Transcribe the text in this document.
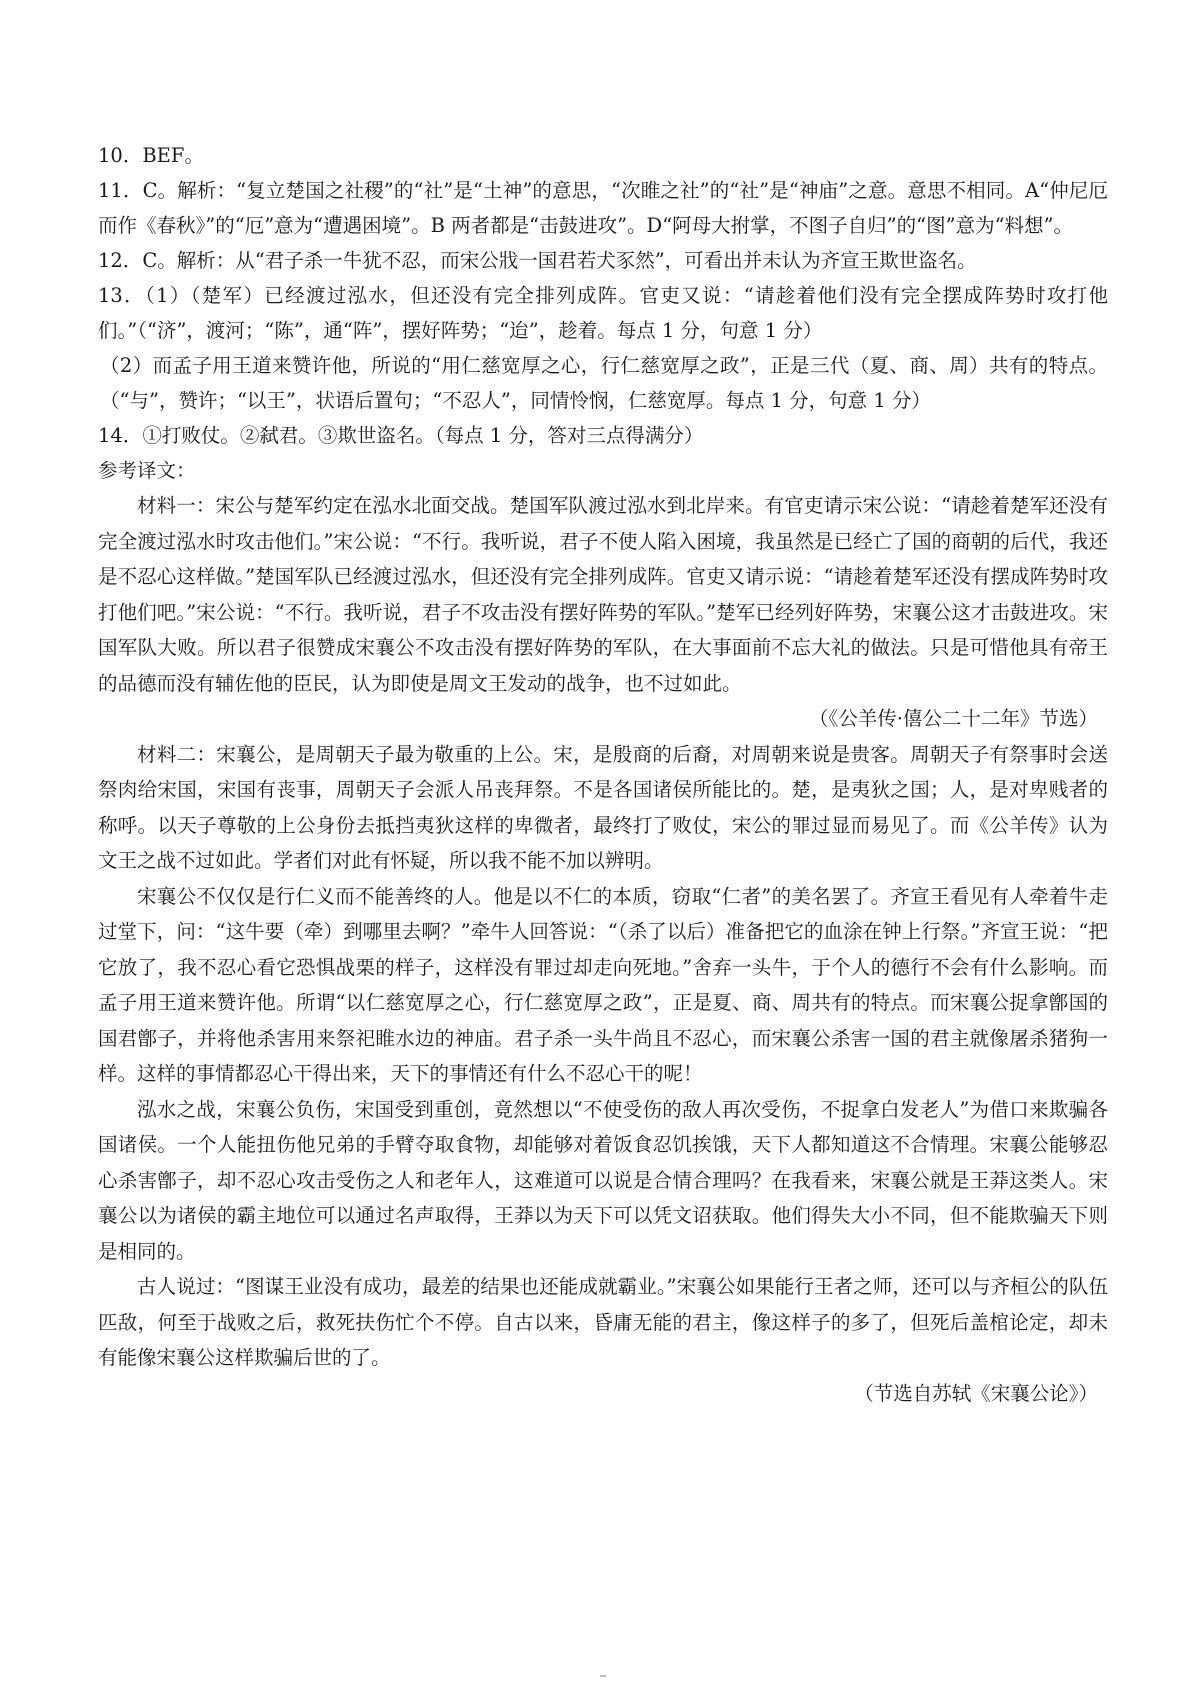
10．BEF。

11．C。解析：“复立楚国之社稷”的“社”是“土神”的意思，“次睢之社”的“社”是“神庙”之意。意思不相同。A“仲尼厄而作《春秋》”的“厄”意为“遭遇困境”。B 两者都是“击鼓进攻”。D“阿母大拊掌，不图子自归”的“图”意为“料想”。

12．C。解析：从“君子杀一牛犹不忍，而宋公戕一国君若犬豕然”，可看出并未认为齐宣王欺世盗名。

13．（1）（楚军）已经渡过泓水，但还没有完全排列成阵。官吏又说：“请趁着他们没有完全摆成阵势时攻打他们。”（“济”，渡河；“陈”，通“阵”，摆好阵势；“迨”，趁着。每点 1 分，句意 1 分）

（2）而孟子用王道来赞许他，所说的“用仁慈宽厚之心，行仁慈宽厚之政”，正是三代（夏、商、周）共有的特点。（“与”，赞许；“以王”，状语后置句；“不忍人”，同情怜悯，仁慈宽厚。每点 1 分，句意 1 分）

14．①打败仗。②弑君。③欺世盗名。（每点 1 分，答对三点得满分）

参考译文：

材料一：宋公与楚军约定在泓水北面交战。楚国军队渡过泓水到北岸来。有官吏请示宋公说：“请趁着楚军还没有完全渡过泓水时攻击他们。”宋公说：“不行。我听说，君子不使人陷入困境，我虽然是已经亡了国的商朝的后代，我还是不忍心这样做。”楚国军队已经渡过泓水，但还没有完全排列成阵。官吏又请示说：“请趁着楚军还没有摆成阵势时攻打他们吧。”宋公说：“不行。我听说，君子不攻击没有摆好阵势的军队。”楚军已经列好阵势，宋襄公这才击鼓进攻。宋国军队大败。所以君子很赞成宋襄公不攻击没有摆好阵势的军队，在大事面前不忘大礼的做法。只是可惜他具有帝王的品德而没有辅佐他的臣民，认为即使是周文王发动的战争，也不过如此。

（《公羊传·僖公二十二年》节选）

材料二：宋襄公，是周朝天子最为敬重的上公。宋，是殷商的后裔，对周朝来说是贵客。周朝天子有祭事时会送祭肉给宋国，宋国有丧事，周朝天子会派人吊丧拜祭。不是各国诸侯所能比的。楚，是夷狄之国；人，是对卑贱者的称呼。以天子尊敬的上公身份去抵挡夷狄这样的卑微者，最终打了败仗，宋公的罪过显而易见了。而《公羊传》认为文王之战不过如此。学者们对此有怀疑，所以我不能不加以辨明。

宋襄公不仅仅是行仁义而不能善终的人。他是以不仁的本质，窃取“仁者”的美名罢了。齐宣王看见有人牵着牛走过堂下，问：“这牛要（牵）到哪里去啊？”牵牛人回答说：“（杀了以后）准备把它的血涂在钟上行祭。”齐宣王说：“把它放了，我不忍心看它恐惧战栗的样子，这样没有罪过却走向死地。”舍弃一头牛，于个人的德行不会有什么影响。而孟子用王道来赞许他。所谓“以仁慈宽厚之心，行仁慈宽厚之政”，正是夏、商、周共有的特点。而宋襄公捉拿鄫国的国君鄫子，并将他杀害用来祭祀睢水边的神庙。君子杀一头牛尚且不忍心，而宋襄公杀害一国的君主就像屠杀猪狗一样。这样的事情都忍心干得出来，天下的事情还有什么不忍心干的呢！

泓水之战，宋襄公负伤，宋国受到重创，竟然想以“不使受伤的敌人再次受伤，不捉拿白发老人”为借口来欺骗各国诸侯。一个人能扭伤他兄弟的手臂夺取食物，却能够对着饭食忍饥挨饿，天下人都知道这不合情理。宋襄公能够忍心杀害鄫子，却不忍心攻击受伤之人和老年人，这难道可以说是合情合理吗？在我看来，宋襄公就是王莽这类人。宋襄公以为诸侯的霸主地位可以通过名声取得，王莽以为天下可以凭文诏获取。他们得失大小不同，但不能欺骗天下则是相同的。

古人说过：“图谋王业没有成功，最差的结果也还能成就霸业。”宋襄公如果能行王者之师，还可以与齐桓公的队伍匹敌，何至于战败之后，救死扶伤忙个不停。自古以来，昏庸无能的君主，像这样子的多了，但死后盖棺论定，却未有能像宋襄公这样欺骗后世的了。

（节选自苏轼《宋襄公论》）
